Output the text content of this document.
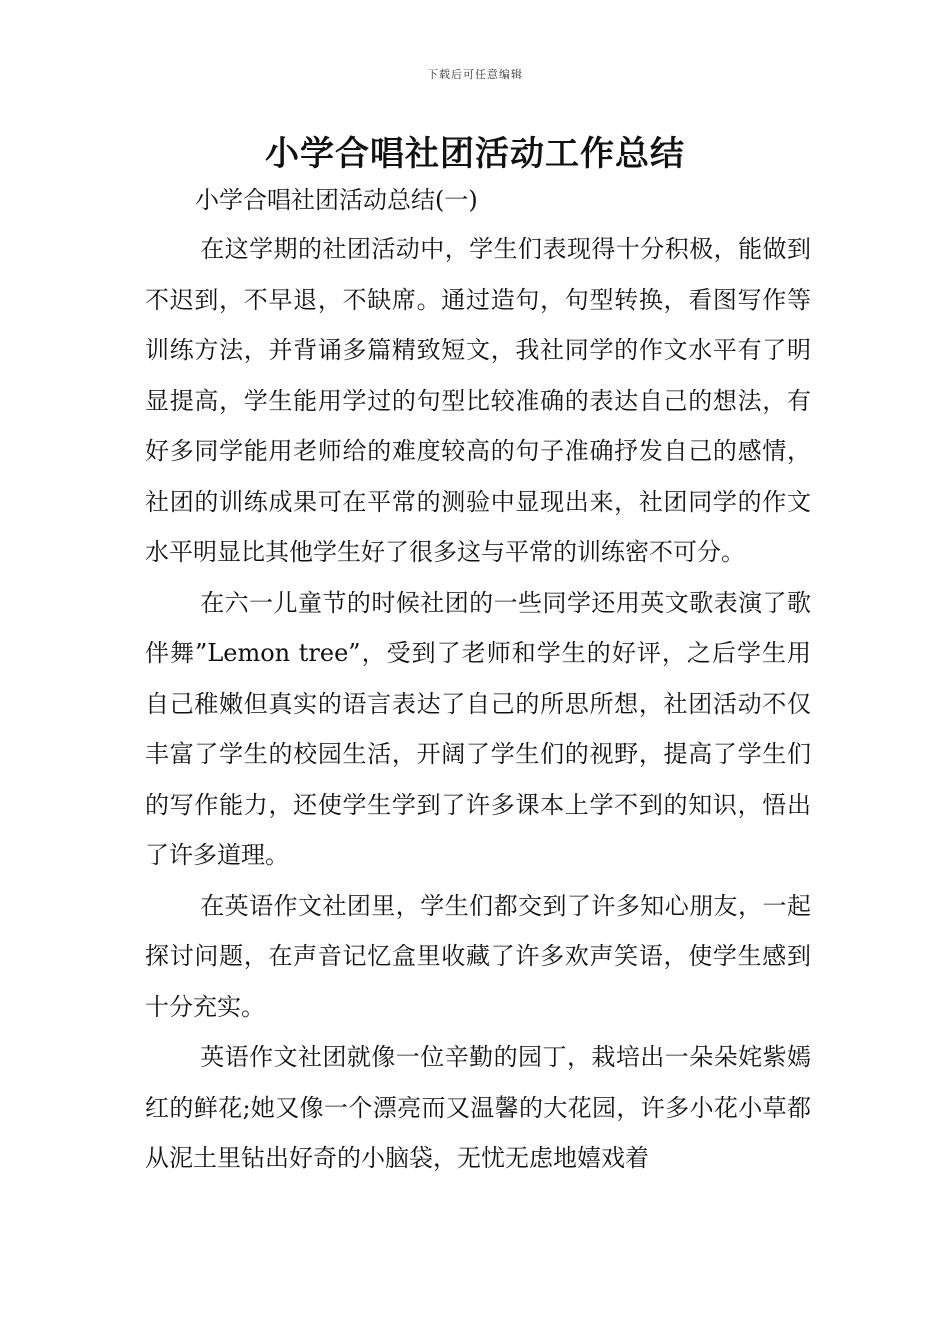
下载后可任意编辑
小学合唱社团活动工作总结

小学合唱社团活动总结(一)

在这学期的社团活动中，学生们表现得十分积极，能做到不迟到，不早退，不缺席。通过造句，句型转换，看图写作等训练方法，并背诵多篇精致短文，我社同学的作文水平有了明显提高，学生能用学过的句型比较准确的表达自己的想法，有好多同学能用老师给的难度较高的句子准确抒发自己的感情，社团的训练成果可在平常的测验中显现出来，社团同学的作文水平明显比其他学生好了很多这与平常的训练密不可分。

在六一儿童节的时候社团的一些同学还用英文歌表演了歌伴舞”Lemon tree”，受到了老师和学生的好评，之后学生用自己稚嫩但真实的语言表达了自己的所思所想，社团活动不仅丰富了学生的校园生活，开阔了学生们的视野，提高了学生们的写作能力，还使学生学到了许多课本上学不到的知识，悟出了许多道理。

在英语作文社团里，学生们都交到了许多知心朋友，一起探讨问题，在声音记忆盒里收藏了许多欢声笑语，使学生感到十分充实。

英语作文社团就像一位辛勤的园丁，栽培出一朵朵姹紫嫣红的鲜花;她又像一个漂亮而又温馨的大花园，许多小花小草都从泥土里钻出好奇的小脑袋，无忧无虑地嬉戏着
